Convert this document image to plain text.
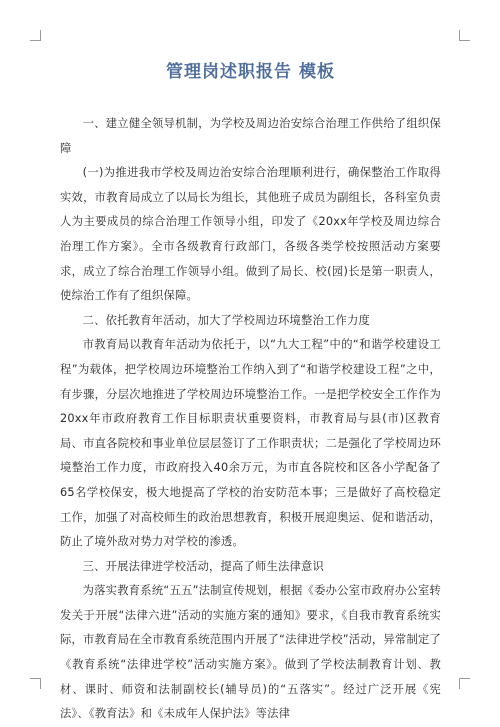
管理岗述职报告 模板

一、建立健全领导机制，为学校及周边治安综合治理工作供给了组织保障

(一)为推进我市学校及周边治安综合治理顺利进行，确保整治工作取得实效，市教育局成立了以局长为组长，其他班子成员为副组长，各科室负责人为主要成员的综合治理工作领导小组，印发了《20xx年学校及周边综合治理工作方案》。全市各级教育行政部门，各级各类学校按照活动方案要求，成立了综合治理工作领导小组。做到了局长、校(园)长是第一职责人，使综治工作有了组织保障。

二、依托教育年活动，加大了学校周边环境整治工作力度

市教育局以教育年活动为依托于，以“九大工程”中的“和谐学校建设工程”为载体，把学校周边环境整治工作纳入到了“和谐学校建设工程”之中，有步骤，分层次地推进了学校周边环境整治工作。一是把学校安全工作作为20xx年市政府教育工作目标职责状重要资料，市教育局与县(市)区教育局、市直各院校和事业单位层层签订了工作职责状；二是强化了学校周边环境整治工作力度，市政府投入40余万元，为市直各院校和区各小学配备了65名学校保安，极大地提高了学校的治安防范本事；三是做好了高校稳定工作，加强了对高校师生的政治思想教育，积极开展迎奥运、促和谐活动，防止了境外敌对势力对学校的渗透。

三、开展法律进学校活动，提高了师生法律意识

为落实教育系统“五五”法制宣传规划，根据《委办公室市政府办公室转发关于开展“法律六进”活动的实施方案的通知》要求，《自我市教育系统实际，市教育局在全市教育系统范围内开展了“法律进学校”活动，异常制定了《教育系统“法律进学校”活动实施方案》。做到了学校法制教育计划、教材、课时、师资和法制副校长(辅导员)的“五落实”。经过广泛开展《宪法》、《教育法》和《未成年人保护法》等法律
